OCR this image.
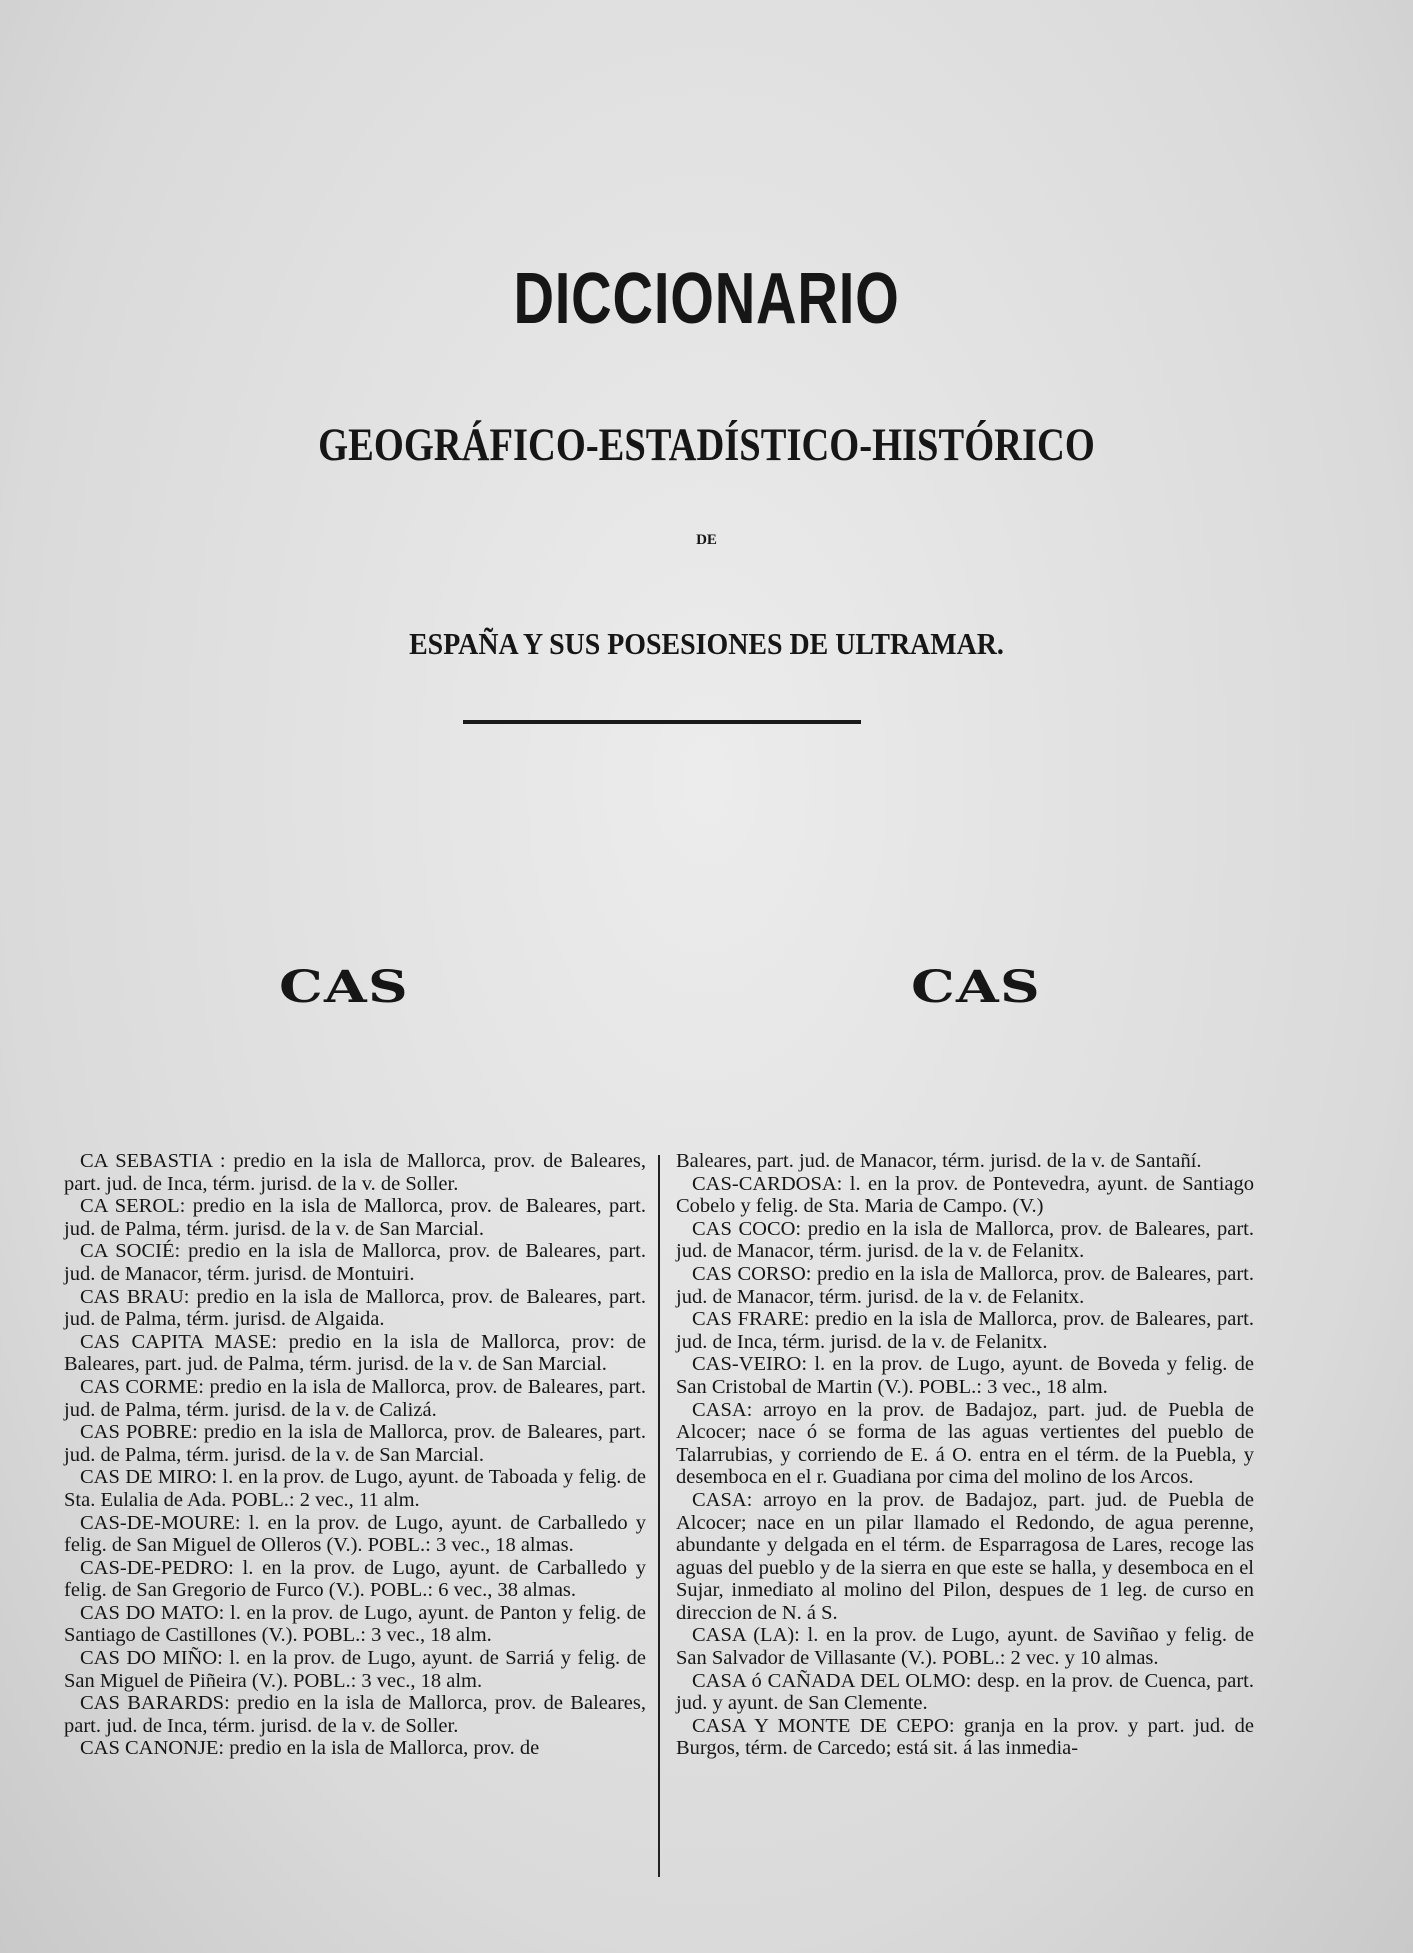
DICCIONARIO
GEOGRÁFICO-ESTADÍSTICO-HISTÓRICO
DE
ESPAÑA Y SUS POSESIONES DE ULTRAMAR.
CAS	CAS

CA SEBASTIA : predio en la isla de Mallorca, prov. de Baleares, part. jud. de Inca, térm. jurisd. de la v. de Soller.

CA SEROL: predio en la isla de Mallorca, prov. de Baleares, part. jud. de Palma, térm. jurisd. de la v. de San Marcial.

CA SOCIÉ: predio en la isla de Mallorca, prov. de Baleares, part. jud. de Manacor, térm. jurisd. de Montuiri.

CAS BRAU: predio en la isla de Mallorca, prov. de Baleares, part. jud. de Palma, térm. jurisd. de Algaida.

CAS CAPITA MASE: predio en la isla de Mallorca, prov: de Baleares, part. jud. de Palma, térm. jurisd. de la v. de San Marcial.

CAS CORME: predio en la isla de Mallorca, prov. de Baleares, part. jud. de Palma, térm. jurisd. de la v. de Calizá.

CAS POBRE: predio en la isla de Mallorca, prov. de Baleares, part. jud. de Palma, térm. jurisd. de la v. de San Marcial.

CAS DE MIRO: l. en la prov. de Lugo, ayunt. de Taboada y felig. de Sta. Eulalia de Ada. POBL.: 2 vec., 11 alm.

CAS-DE-MOURE: l. en la prov. de Lugo, ayunt. de Carballedo y felig. de San Miguel de Olleros (V.). POBL.: 3 vec., 18 almas.

CAS-DE-PEDRO: l. en la prov. de Lugo, ayunt. de Carballedo y felig. de San Gregorio de Furco (V.). POBL.: 6 vec., 38 almas.

CAS DO MATO: l. en la prov. de Lugo, ayunt. de Panton y felig. de Santiago de Castillones (V.). POBL.: 3 vec., 18 alm.

CAS DO MIÑO: l. en la prov. de Lugo, ayunt. de Sarriá y felig. de San Miguel de Piñeira (V.). POBL.: 3 vec., 18 alm.

CAS BARARDS: predio en la isla de Mallorca, prov. de Baleares, part. jud. de Inca, térm. jurisd. de la v. de Soller.

CAS CANONJE: predio en la isla de Mallorca, prov. de

Baleares, part. jud. de Manacor, térm. jurisd. de la v. de Santañí.

CAS-CARDOSA: l. en la prov. de Pontevedra, ayunt. de Santiago Cobelo y felig. de Sta. Maria de Campo. (V.)

CAS COCO: predio en la isla de Mallorca, prov. de Baleares, part. jud. de Manacor, térm. jurisd. de la v. de Felanitx.

CAS CORSO: predio en la isla de Mallorca, prov. de Baleares, part. jud. de Manacor, térm. jurisd. de la v. de Felanitx.

CAS FRARE: predio en la isla de Mallorca, prov. de Baleares, part. jud. de Inca, térm. jurisd. de la v. de Felanitx.

CAS-VEIRO: l. en la prov. de Lugo, ayunt. de Boveda y felig. de San Cristobal de Martin (V.). POBL.: 3 vec., 18 alm.

CASA: arroyo en la prov. de Badajoz, part. jud. de Puebla de Alcocer; nace ó se forma de las aguas vertientes del pueblo de Talarrubias, y corriendo de E. á O. entra en el térm. de la Puebla, y desemboca en el r. Guadiana por cima del molino de los Arcos.

CASA: arroyo en la prov. de Badajoz, part. jud. de Puebla de Alcocer; nace en un pilar llamado el Redondo, de agua perenne, abundante y delgada en el térm. de Esparragosa de Lares, recoge las aguas del pueblo y de la sierra en que este se halla, y desemboca en el Sujar, inmediato al molino del Pilon, despues de 1 leg. de curso en direccion de N. á S.

CASA (LA): l. en la prov. de Lugo, ayunt. de Saviñao y felig. de San Salvador de Villasante (V.). POBL.: 2 vec. y 10 almas.

CASA ó CAÑADA DEL OLMO: desp. en la prov. de Cuenca, part. jud. y ayunt. de San Clemente.

CASA Y MONTE DE CEPO: granja en la prov. y part. jud. de Burgos, térm. de Carcedo; está sit. á las inmedia-
